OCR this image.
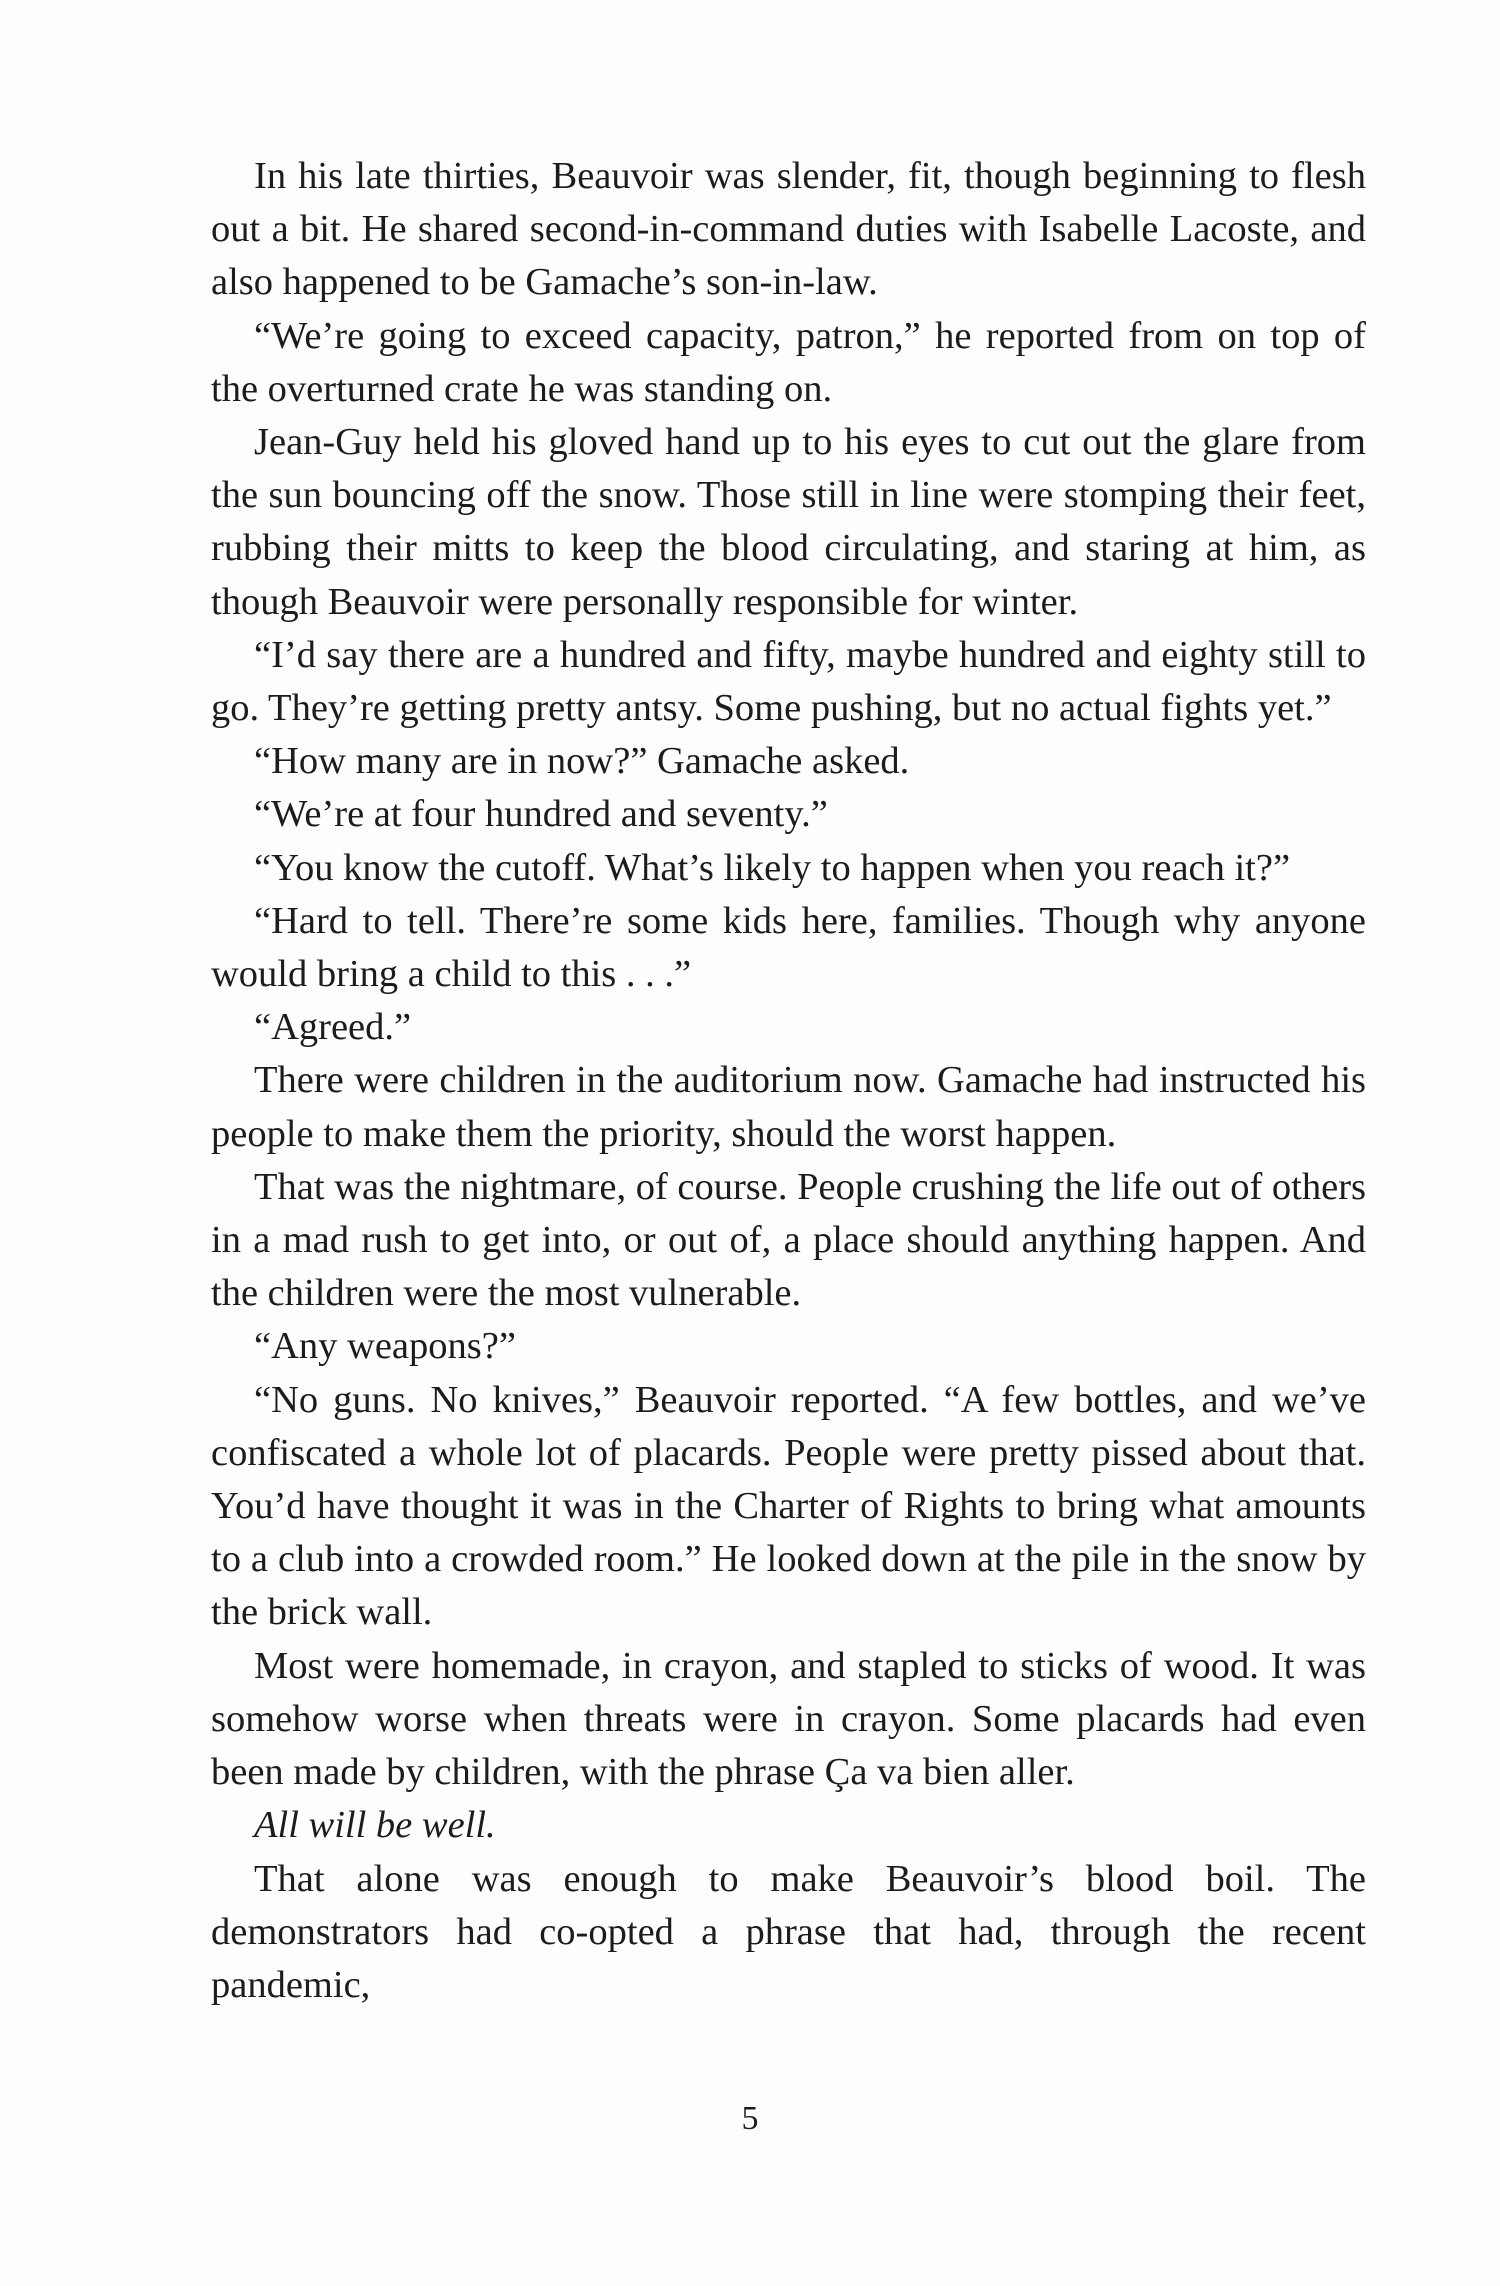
In his late thirties, Beauvoir was slender, fit, though beginning to flesh out a bit. He shared second-in-command duties with Isabelle Lacoste, and also happened to be Gamache’s son-in-law.

“We’re going to exceed capacity, patron,” he reported from on top of the overturned crate he was standing on.

Jean-Guy held his gloved hand up to his eyes to cut out the glare from the sun bouncing off the snow. Those still in line were stomping their feet, rubbing their mitts to keep the blood circulating, and staring at him, as though Beauvoir were personally responsible for winter.

“I’d say there are a hundred and fifty, maybe hundred and eighty still to go. They’re getting pretty antsy. Some pushing, but no actual fights yet.”

“How many are in now?” Gamache asked.

“We’re at four hundred and seventy.”

“You know the cutoff. What’s likely to happen when you reach it?”

“Hard to tell. There’re some kids here, families. Though why anyone would bring a child to this . . .”

“Agreed.”

There were children in the auditorium now. Gamache had instructed his people to make them the priority, should the worst happen.

That was the nightmare, of course. People crushing the life out of others in a mad rush to get into, or out of, a place should anything happen. And the children were the most vulnerable.

“Any weapons?”

“No guns. No knives,” Beauvoir reported. “A few bottles, and we’ve confiscated a whole lot of placards. People were pretty pissed about that. You’d have thought it was in the Charter of Rights to bring what amounts to a club into a crowded room.” He looked down at the pile in the snow by the brick wall.

Most were homemade, in crayon, and stapled to sticks of wood. It was somehow worse when threats were in crayon. Some placards had even been made by children, with the phrase Ça va bien aller.

All will be well.

That alone was enough to make Beauvoir’s blood boil. The demonstrators had co-opted a phrase that had, through the recent pandemic,

5
